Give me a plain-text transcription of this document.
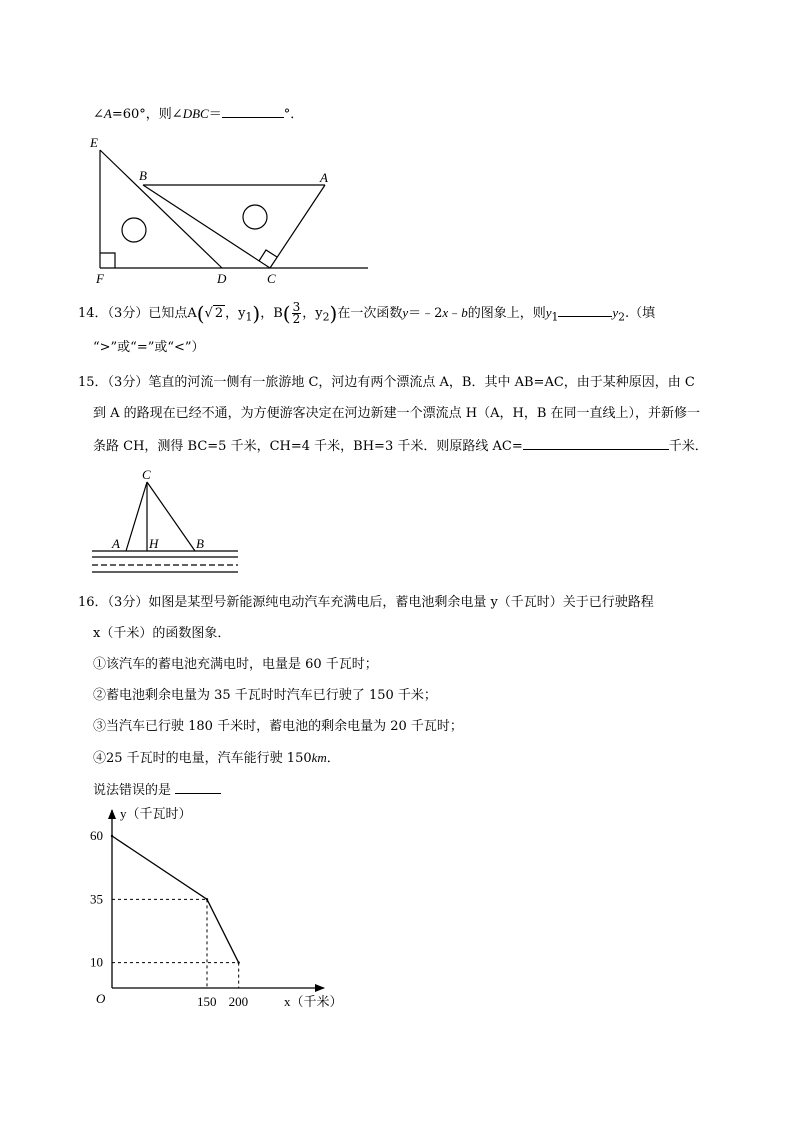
∠A=60°，则∠DBC＝	°．
E
B	A
F	D	C
14．（3分）已知点A(√ 2 ，$y_1$)，$B( \frac{3}{2}$ ，$y_2$)在一次函数y＝﹣2x﹣b的图象上，则$y_1$	$y_2$.（填
“>”或“=”或“<”）
15．（3分）笔直的河流一侧有一旅游地 C，河边有两个漂流点 A，B．其中 AB=AC，由于某种原因，由 C
到 A 的路现在已经不通，为方便游客决定在河边新建一个漂流点 H（A，H，B 在同一直线上），并新修一
条路 CH，测得 BC=5 千米，CH=4 千米，BH=3 千米．则原路线 AC=	千米．
C
A H	B
16．（3分）如图是某型号新能源纯电动汽车充满电后，蓄电池剩余电量 y（千瓦时）关于已行驶路程
x（千米）的函数图象．
①该汽车的蓄电池充满电时，电量是 60 千瓦时；
②蓄电池剩余电量为 35 千瓦时时汽车已行驶了 150 千米；
③当汽车已行驶 180 千米时，蓄电池的剩余电量为 20 千瓦时；
④25 千瓦时的电量，汽车能行驶 150km．
说法错误的是
y（千瓦时）
x（千米）
O
60
35
10
150 200
